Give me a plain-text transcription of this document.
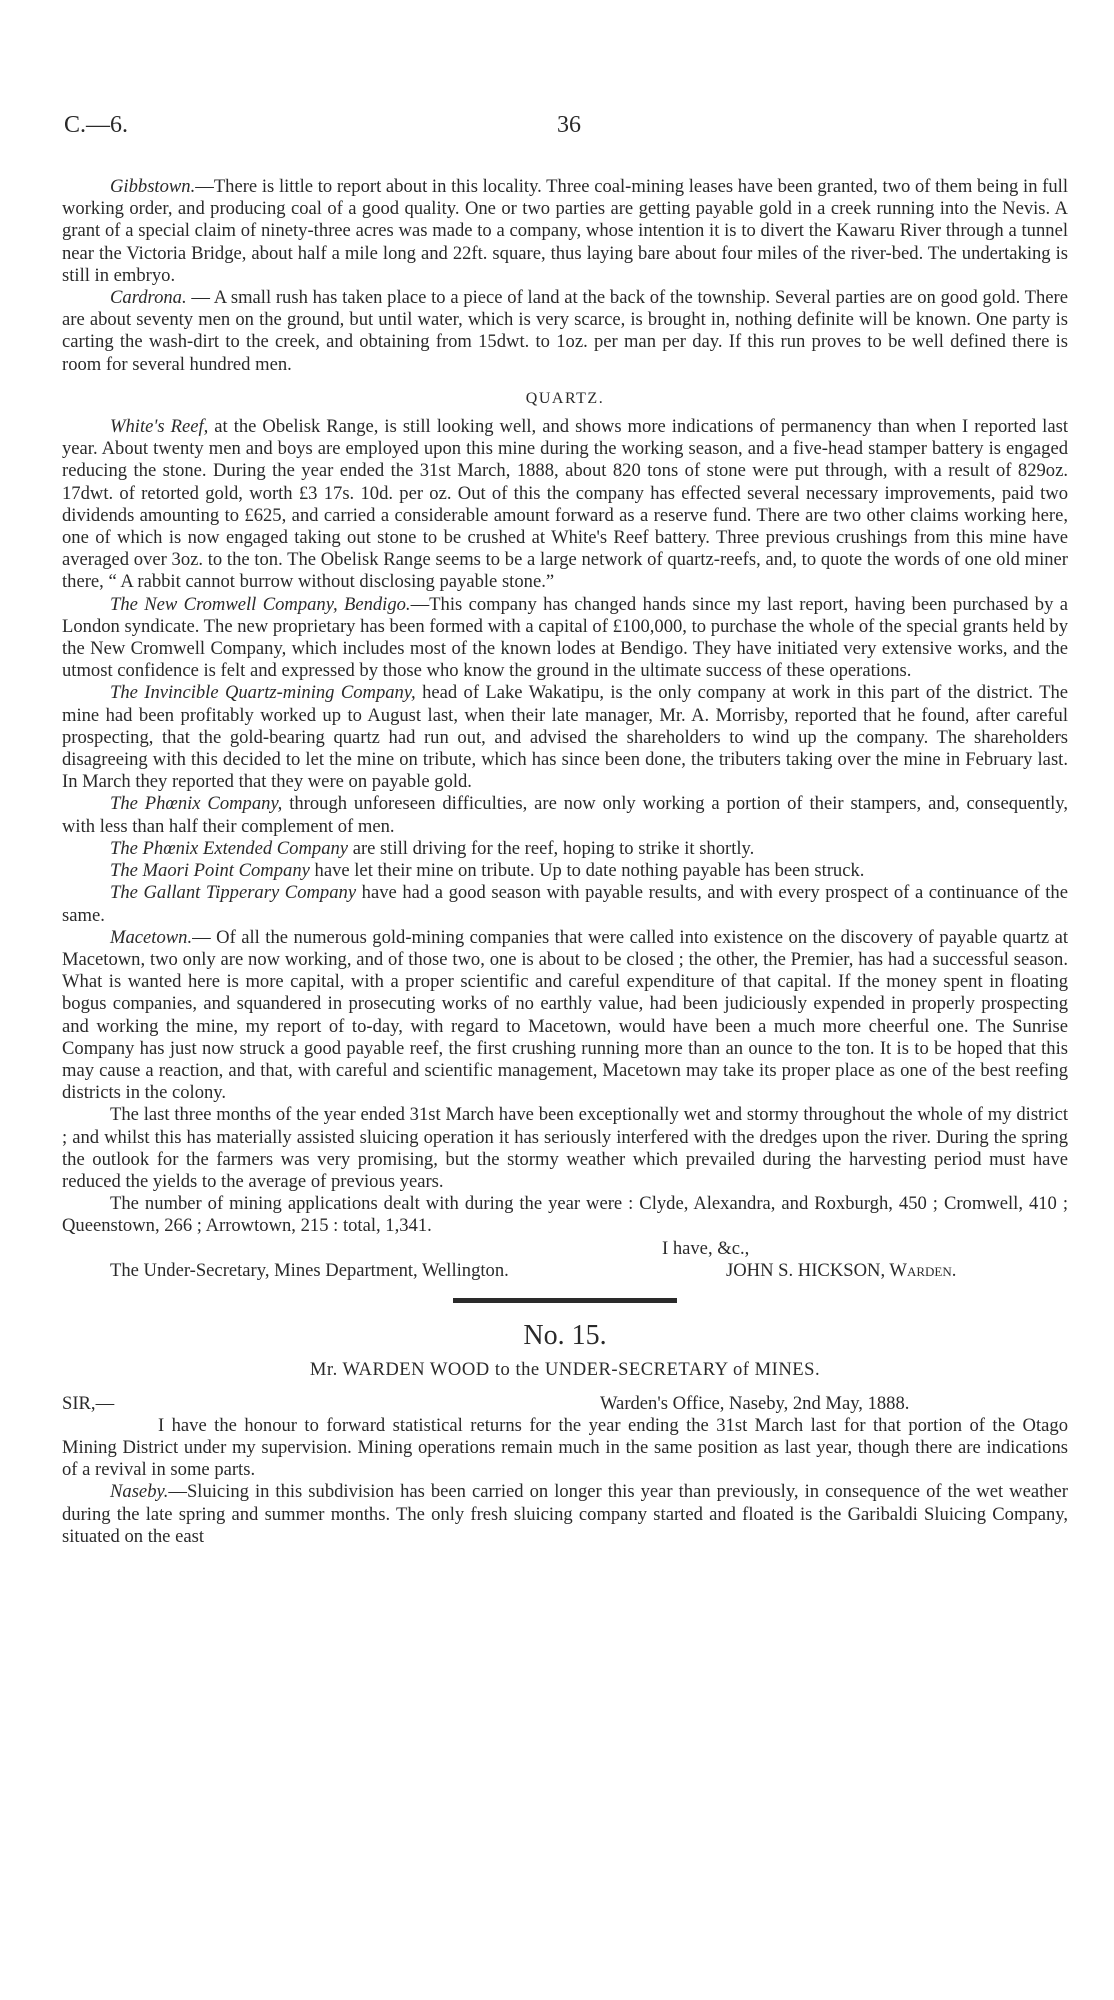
C.—6.	36

Gibbstown.—There is little to report about in this locality. Three coal-mining leases have been granted, two of them being in full working order, and producing coal of a good quality. One or two parties are getting payable gold in a creek running into the Nevis. A grant of a special claim of ninety-three acres was made to a company, whose intention it is to divert the Kawaru River through a tunnel near the Victoria Bridge, about half a mile long and 22ft. square, thus laying bare about four miles of the river-bed. The undertaking is still in embryo.

Cardrona. — A small rush has taken place to a piece of land at the back of the township. Several parties are on good gold. There are about seventy men on the ground, but until water, which is very scarce, is brought in, nothing definite will be known. One party is carting the wash-dirt to the creek, and obtaining from 15dwt. to 1oz. per man per day. If this run proves to be well defined there is room for several hundred men.

QUARTZ.

White's Reef, at the Obelisk Range, is still looking well, and shows more indications of permanency than when I reported last year. About twenty men and boys are employed upon this mine during the working season, and a five-head stamper battery is engaged reducing the stone. During the year ended the 31st March, 1888, about 820 tons of stone were put through, with a result of 829oz. 17dwt. of retorted gold, worth £3 17s. 10d. per oz. Out of this the company has effected several necessary improvements, paid two dividends amounting to £625, and carried a considerable amount forward as a reserve fund. There are two other claims working here, one of which is now engaged taking out stone to be crushed at White's Reef battery. Three previous crushings from this mine have averaged over 3oz. to the ton. The Obelisk Range seems to be a large network of quartz-reefs, and, to quote the words of one old miner there, “ A rabbit cannot burrow without disclosing payable stone.”

The New Cromwell Company, Bendigo.—This company has changed hands since my last report, having been purchased by a London syndicate. The new proprietary has been formed with a capital of £100,000, to purchase the whole of the special grants held by the New Cromwell Company, which includes most of the known lodes at Bendigo. They have initiated very extensive works, and the utmost confidence is felt and expressed by those who know the ground in the ultimate success of these operations.

The Invincible Quartz-mining Company, head of Lake Wakatipu, is the only company at work in this part of the district. The mine had been profitably worked up to August last, when their late manager, Mr. A. Morrisby, reported that he found, after careful prospecting, that the gold-bearing quartz had run out, and advised the shareholders to wind up the company. The shareholders disagreeing with this decided to let the mine on tribute, which has since been done, the tributers taking over the mine in February last. In March they reported that they were on payable gold.

The Phœnix Company, through unforeseen difficulties, are now only working a portion of their stampers, and, consequently, with less than half their complement of men.

The Phœnix Extended Company are still driving for the reef, hoping to strike it shortly.

The Maori Point Company have let their mine on tribute. Up to date nothing payable has been struck.

The Gallant Tipperary Company have had a good season with payable results, and with every prospect of a continuance of the same.

Macetown.— Of all the numerous gold-mining companies that were called into existence on the discovery of payable quartz at Macetown, two only are now working, and of those two, one is about to be closed ; the other, the Premier, has had a successful season. What is wanted here is more capital, with a proper scientific and careful expenditure of that capital. If the money spent in floating bogus companies, and squandered in prosecuting works of no earthly value, had been judiciously expended in properly prospecting and working the mine, my report of to-day, with regard to Macetown, would have been a much more cheerful one. The Sunrise Company has just now struck a good payable reef, the first crushing running more than an ounce to the ton. It is to be hoped that this may cause a reaction, and that, with careful and scientific management, Macetown may take its proper place as one of the best reefing districts in the colony.

The last three months of the year ended 31st March have been exceptionally wet and stormy throughout the whole of my district ; and whilst this has materially assisted sluicing operation it has seriously interfered with the dredges upon the river. During the spring the outlook for the farmers was very promising, but the stormy weather which prevailed during the harvesting period must have reduced the yields to the average of previous years.

The number of mining applications dealt with during the year were : Clyde, Alexandra, and Roxburgh, 450 ; Cromwell, 410 ; Queenstown, 266 ; Arrowtown, 215 : total, 1,341.

I have, &c.,
The Under-Secretary, Mines Department, Wellington.	JOHN S. HICKSON, Warden.
No. 15.
Mr. WARDEN WOOD to the UNDER-SECRETARY of MINES.
SIR,—	Warden's Office, Naseby, 2nd May, 1888.

I have the honour to forward statistical returns for the year ending the 31st March last for that portion of the Otago Mining District under my supervision. Mining operations remain much in the same position as last year, though there are indications of a revival in some parts.

Naseby.—Sluicing in this subdivision has been carried on longer this year than previously, in consequence of the wet weather during the late spring and summer months. The only fresh sluicing company started and floated is the Garibaldi Sluicing Company, situated on the east
